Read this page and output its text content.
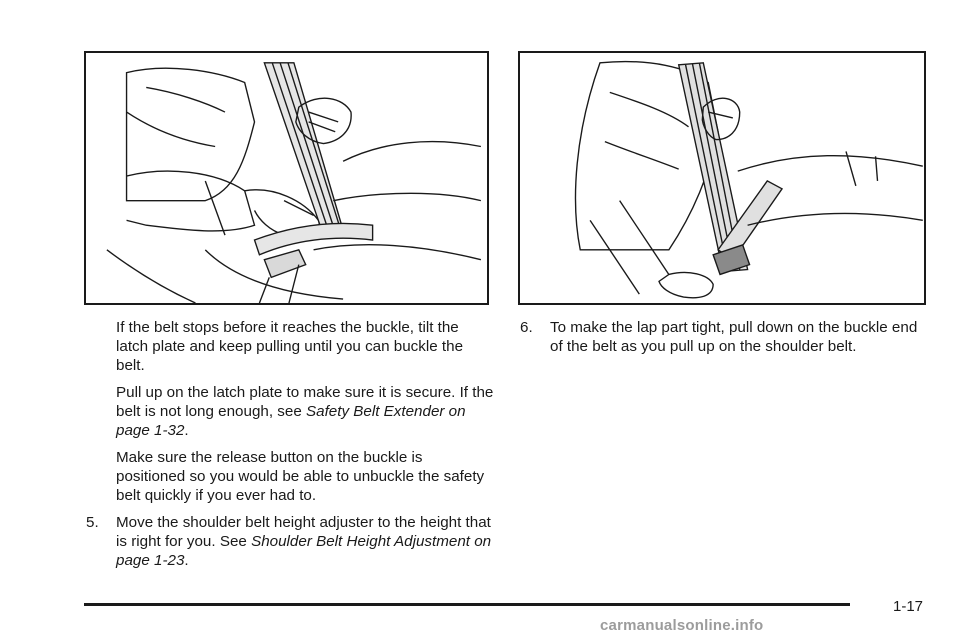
If the belt stops before it reaches the buckle, tilt the latch plate and keep pulling until you can buckle the belt.

Pull up on the latch plate to make sure it is secure. If the belt is not long enough, see Safety Belt Extender on page 1-32.

Make sure the release button on the buckle is positioned so you would be able to unbuckle the safety belt quickly if you ever had to.

5. Move the shoulder belt height adjuster to the height that is right for you. See Shoulder Belt Height Adjustment on page 1-23.

6. To make the lap part tight, pull down on the buckle end of the belt as you pull up on the shoulder belt.

1-17
carmanualsonline.info
